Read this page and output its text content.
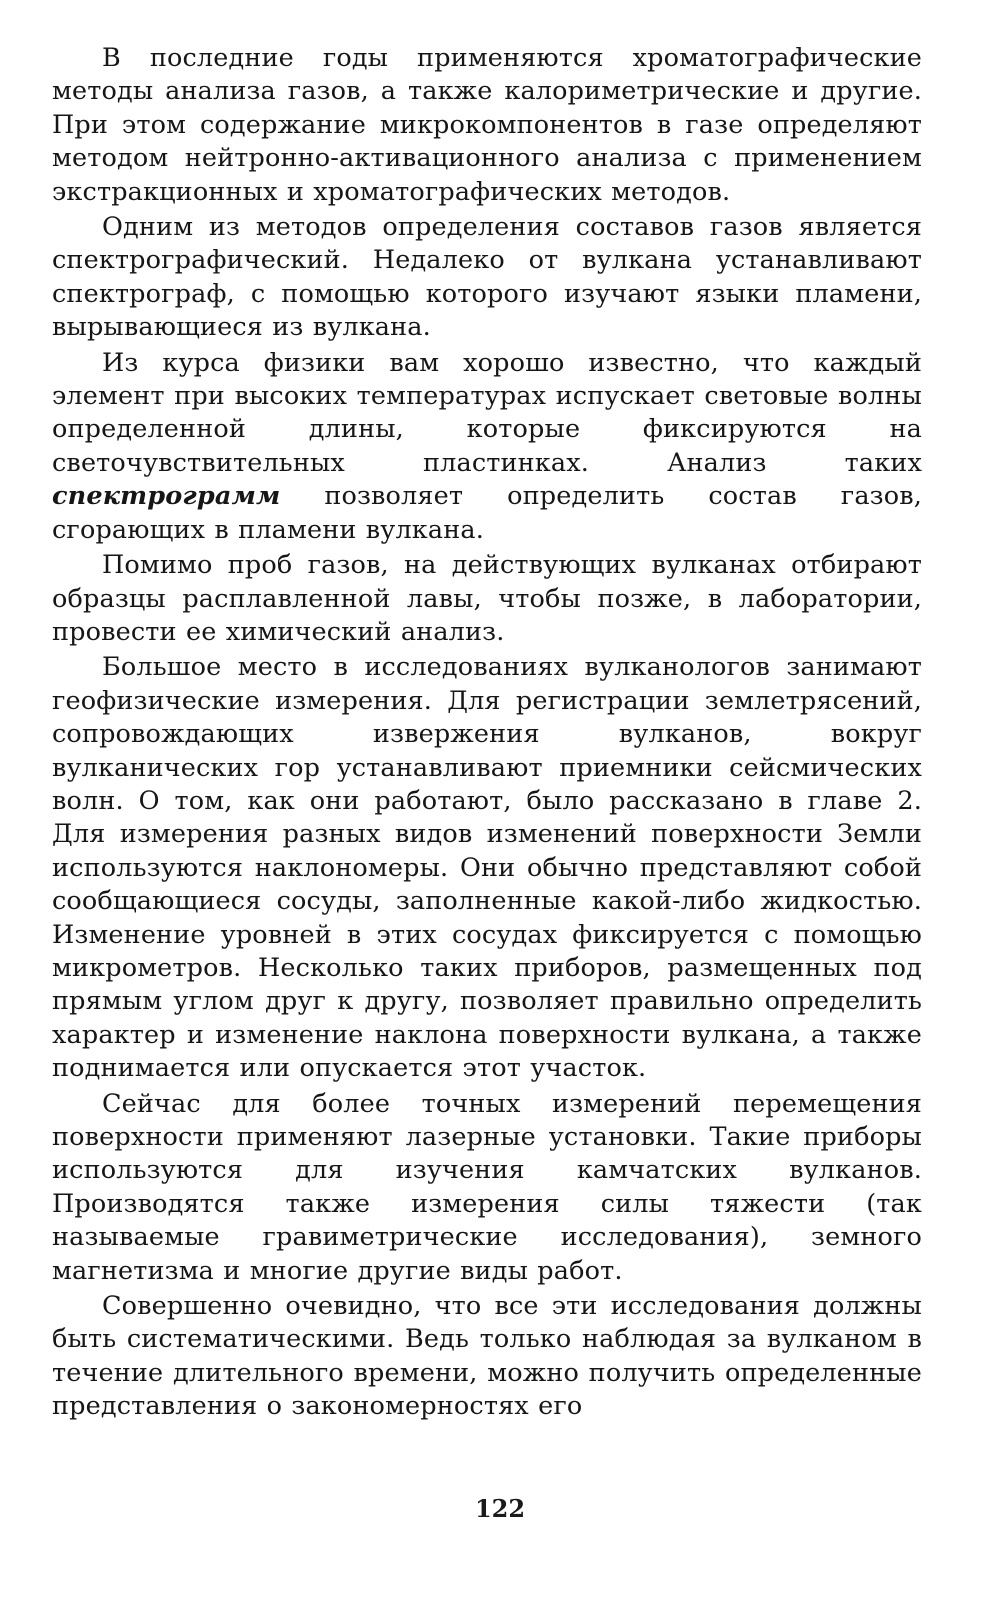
В последние годы применяются хроматографические методы анализа газов, а также калориметрические и другие. При этом содержание микрокомпонентов в газе определяют методом нейтронно-активационного анализа с применением экстракционных и хроматографических методов.

Одним из методов определения составов газов является спектрографический. Недалеко от вулкана устанавливают спектрограф, с помощью которого изучают языки пламени, вырывающиеся из вулкана.

Из курса физики вам хорошо известно, что каждый элемент при высоких температурах испускает световые волны определенной длины, которые фиксируются на светочувствительных пластинках. Анализ таких спектрограмм позволяет определить состав газов, сгорающих в пламени вулкана.

Помимо проб газов, на действующих вулканах отбирают образцы расплавленной лавы, чтобы позже, в лаборатории, провести ее химический анализ.

Большое место в исследованиях вулканологов занимают геофизические измерения. Для регистрации землетрясений, сопровождающих извержения вулканов, вокруг вулканических гор устанавливают приемники сейсмических волн. О том, как они работают, было рассказано в главе 2. Для измерения разных видов изменений поверхности Земли используются наклономеры. Они обычно представляют собой сообщающиеся сосуды, заполненные какой-либо жидкостью. Изменение уровней в этих сосудах фиксируется с помощью микрометров. Несколько таких приборов, размещенных под прямым углом друг к другу, позволяет правильно определить характер и изменение наклона поверхности вулкана, а также поднимается или опускается этот участок.

Сейчас для более точных измерений перемещения поверхности применяют лазерные установки. Такие приборы используются для изучения камчатских вулканов. Производятся также измерения силы тяжести (так называемые гравиметрические исследования), земного магнетизма и многие другие виды работ.

Совершенно очевидно, что все эти исследования должны быть систематическими. Ведь только наблюдая за вулканом в течение длительного времени, можно получить определенные представления о закономерностях его

122
